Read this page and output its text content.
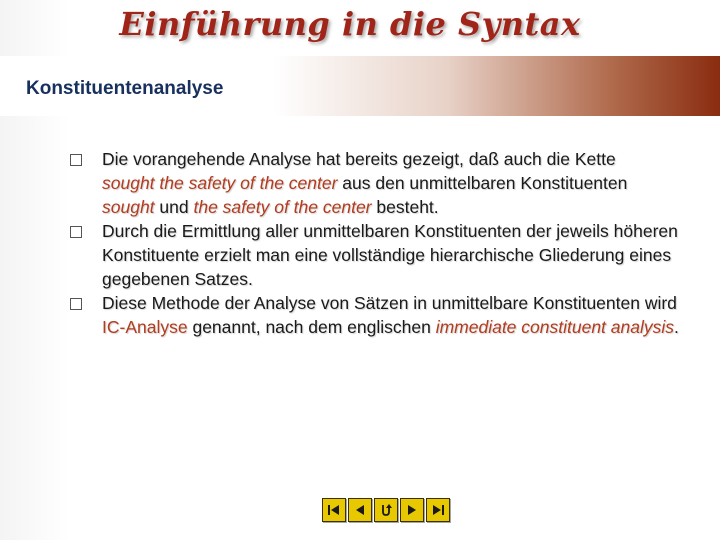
Einführung in die Syntax
Konstituentenanalyse
Die vorangehende Analyse hat bereits gezeigt, daß auch die Kette
sought the safety of the center aus den unmittelbaren Konstituenten
sought und the safety of the center besteht.
Durch die Ermittlung aller unmittelbaren Konstituenten der jeweils höheren Konstituente erzielt man eine vollständige hierarchische Gliederung eines gegebenen Satzes.
Diese Methode der Analyse von Sätzen in unmittelbare Konstituenten wird IC-Analyse genannt, nach dem englischen immediate constituent analysis.
